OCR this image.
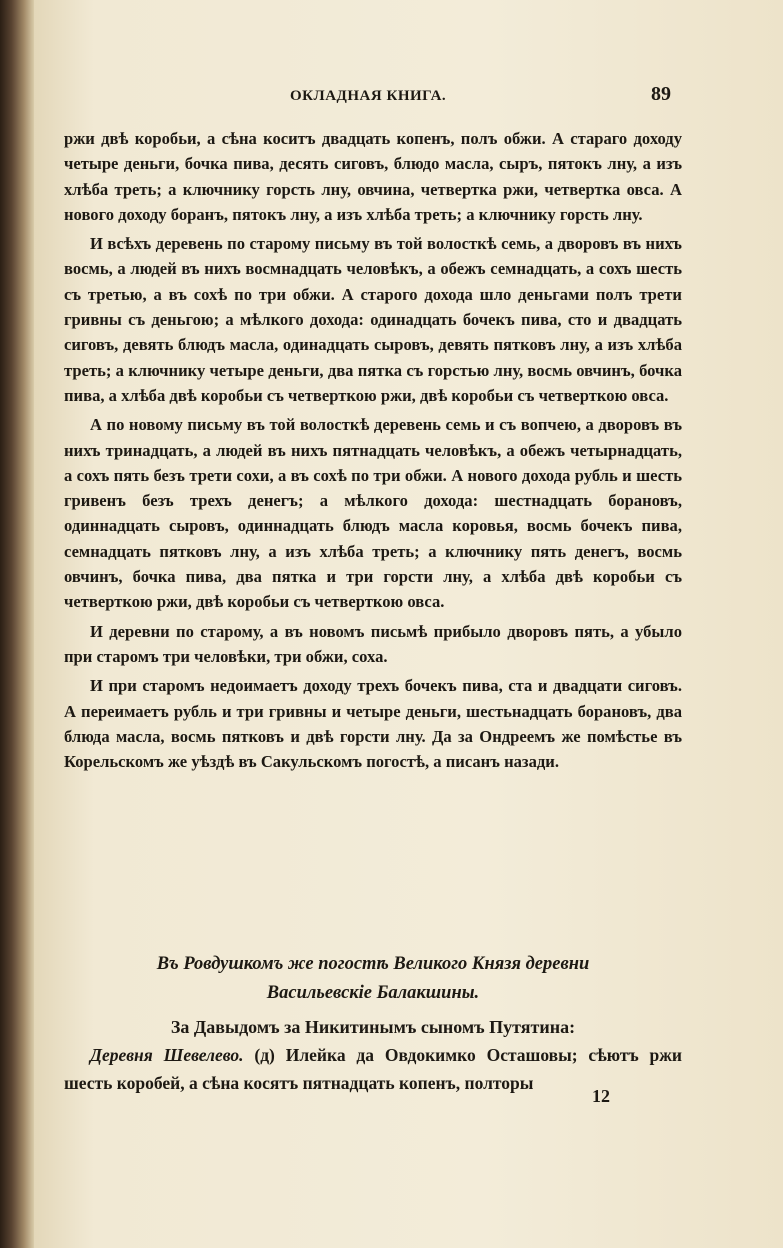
ОКЛАДНАЯ КНИГА.	89

ржи двѣ коробьи, а сѣна коситъ двадцать копенъ, полъ обжи. А стараго доходу четыре деньги, бочка пива, десять сиговъ, блюдо масла, сыръ, пятокъ лну, а изъ хлѣба треть; а ключнику горсть лну, овчина, четвертка ржи, четвертка овса. А нового доходу боранъ, пятокъ лну, а изъ хлѣба треть; а ключнику горсть лну.

И всѣхъ деревень по старому письму въ той волосткѣ семь, а дворовъ въ нихъ восмь, а людей въ нихъ восмнадцать человѣкъ, а обежъ семнадцать, а сохъ шесть съ третью, а въ сохѣ по три обжи. А старого дохода шло деньгами полъ трети гривны съ деньгою; а мѣлкого дохода: одинадцать бочекъ пива, сто и двадцать сиговъ, девять блюдъ масла, одинадцать сыровъ, девять пятковъ лну, а изъ хлѣба треть; а ключнику четыре деньги, два пятка съ горстью лну, восмь овчинъ, бочка пива, а хлѣба двѣ коробьи съ четверткою ржи, двѣ коробьи съ четверткою овса.

А по новому письму въ той волосткѣ деревень семь и съ вопчею, а дворовъ въ нихъ тринадцать, а людей въ нихъ пятнадцать человѣкъ, а обежъ четырнадцать, а сохъ пять безъ трети сохи, а въ сохѣ по три обжи. А нового дохода рубль и шесть гривенъ безъ трехъ денегъ; а мѣлкого дохода: шестнадцать борановъ, одиннадцать сыровъ, одиннадцать блюдъ масла коровья, восмь бочекъ пива, семнадцать пятковъ лну, а изъ хлѣба треть; а ключнику пять денегъ, восмь овчинъ, бочка пива, два пятка и три горсти лну, а хлѣба двѣ коробьи съ четверткою ржи, двѣ коробьи съ четверткою овса.

И деревни по старому, а въ новомъ письмѣ прибыло дворовъ пять, а убыло при старомъ три человѣки, три обжи, соха.

И при старомъ недоимаетъ доходу трехъ бочекъ пива, ста и двадцати сиговъ. А переимаетъ рубль и три гривны и четыре деньги, шестьнадцать борановъ, два блюда масла, восмь пятковъ и двѣ горсти лну. Да за Ондреемъ же помѣстье въ Корельскомъ же уѣздѣ въ Сакульскомъ погостѣ, а писанъ назади.

Въ Ровдушкомъ же погостѣ Великого Князя деревни
Васильевскіе Балакшины.
За Давыдомъ за Никитинымъ сыномъ Путятина:
Деревня Шевелево. (д) Илейка да Овдокимко Осташовы; сѣютъ ржи шесть коробей, а сѣна косятъ пятнадцать копенъ, полторы
12
